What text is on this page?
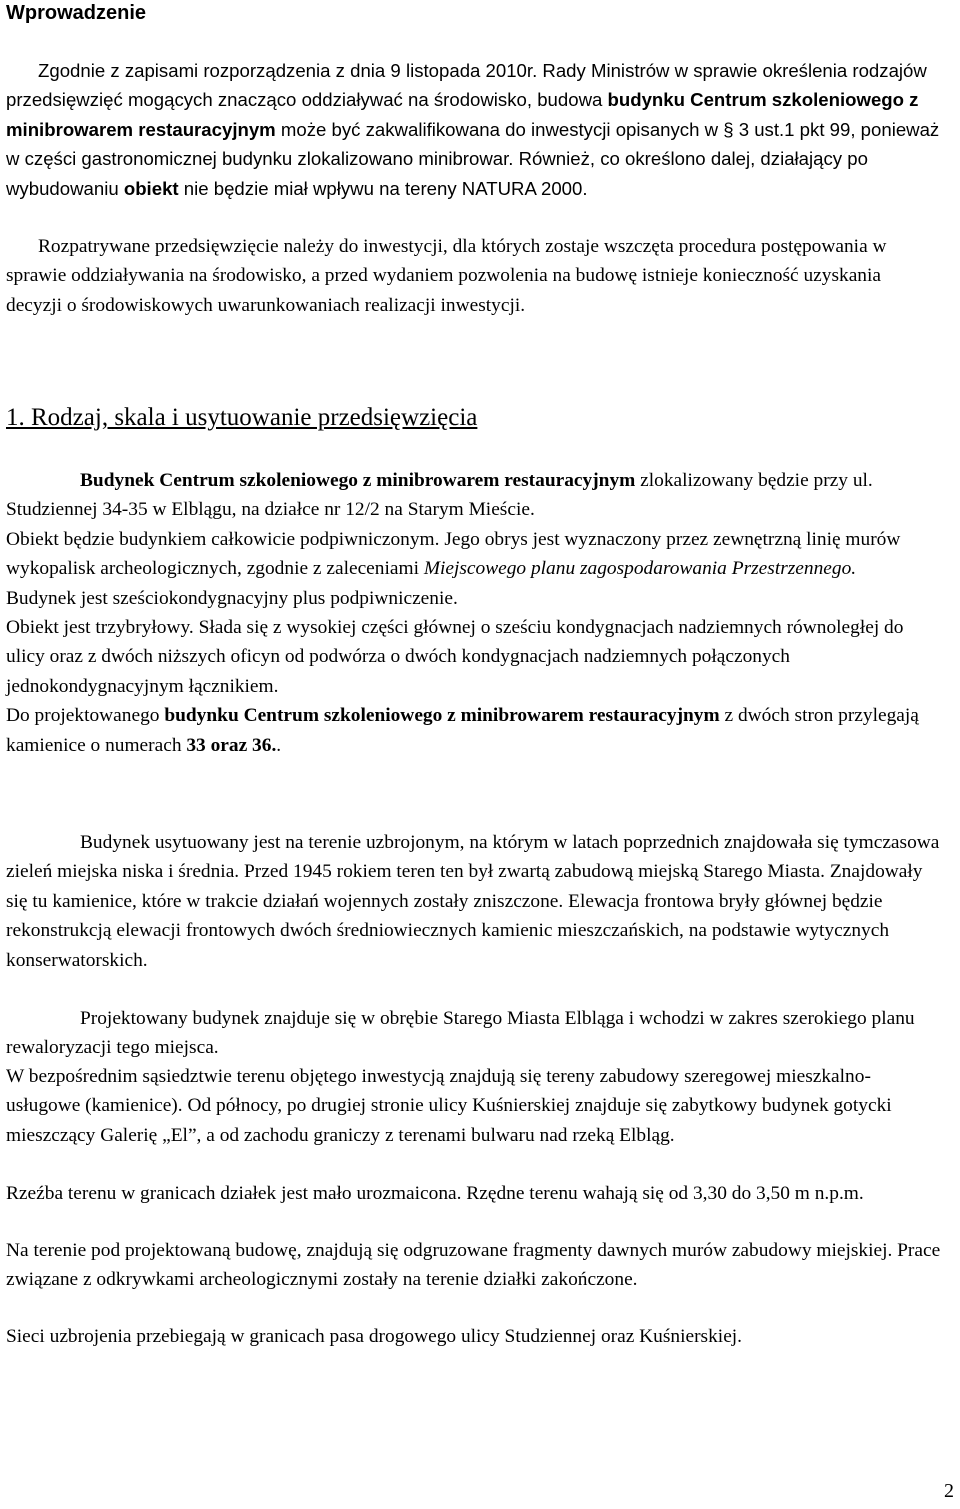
Wprowadzenie

Zgodnie z zapisami rozporządzenia z dnia 9 listopada 2010r. Rady Ministrów w sprawie określenia rodzajów przedsięwzięć mogących znacząco oddziaływać na środowisko, budowa budynku Centrum szkoleniowego z minibrowarem restauracyjnym może być zakwalifikowana do inwestycji opisanych w § 3 ust.1 pkt 99, ponieważ w części gastronomicznej budynku zlokalizowano minibrowar. Również, co określono dalej, działający po wybudowaniu obiekt nie będzie miał wpływu na tereny NATURA 2000.

Rozpatrywane przedsięwzięcie należy do inwestycji, dla których zostaje wszczęta procedura postępowania w sprawie oddziaływania na środowisko, a przed wydaniem pozwolenia na budowę istnieje konieczność uzyskania decyzji o środowiskowych uwarunkowaniach realizacji inwestycji.

1. Rodzaj, skala i usytuowanie przedsięwzięcia

Budynek Centrum szkoleniowego z minibrowarem restauracyjnym zlokalizowany będzie przy ul. Studziennej 34-35 w Elblągu, na działce nr 12/2 na Starym Mieście.
Obiekt będzie budynkiem całkowicie podpiwniczonym. Jego obrys jest wyznaczony przez zewnętrzną linię murów wykopalisk archeologicznych, zgodnie z zaleceniami Miejscowego planu zagospodarowania Przestrzennego.
Budynek jest sześciokondygnacyjny plus podpiwniczenie.
Obiekt jest trzybryłowy. Słada się z wysokiej części głównej o sześciu kondygnacjach nadziemnych równoległej do ulicy oraz z dwóch niższych oficyn od podwórza o dwóch kondygnacjach nadziemnych połączonych jednokondygnacyjnym łącznikiem.
Do projektowanego budynku Centrum szkoleniowego z minibrowarem restauracyjnym z dwóch stron przylegają kamienice o numerach 33 oraz 36..

Budynek usytuowany jest na terenie uzbrojonym, na którym w latach poprzednich znajdowała się tymczasowa zieleń miejska niska i średnia. Przed 1945 rokiem teren ten był zwartą zabudową miejską Starego Miasta. Znajdowały się tu kamienice, które w trakcie działań wojennych zostały zniszczone. Elewacja frontowa bryły głównej będzie rekonstrukcją elewacji frontowych dwóch średniowiecznych kamienic mieszczańskich, na podstawie wytycznych konserwatorskich.

Projektowany budynek znajduje się w obrębie Starego Miasta Elbląga i wchodzi w zakres szerokiego planu rewaloryzacji tego miejsca.

W bezpośrednim sąsiedztwie terenu objętego inwestycją znajdują się tereny zabudowy szeregowej mieszkalno- usługowe (kamienice). Od północy, po drugiej stronie ulicy Kuśnierskiej znajduje się zabytkowy budynek gotycki mieszczący Galerię „El”, a od zachodu graniczy z terenami bulwaru nad rzeką Elbląg.

Rzeźba terenu w granicach działek jest mało urozmaicona. Rzędne terenu wahają się od 3,30 do 3,50 m n.p.m.

Na terenie pod projektowaną budowę, znajdują się odgruzowane fragmenty dawnych murów zabudowy miejskiej. Prace związane z odkrywkami archeologicznymi zostały na terenie działki zakończone.

Sieci uzbrojenia przebiegają w granicach pasa drogowego ulicy Studziennej oraz Kuśnierskiej.

2
